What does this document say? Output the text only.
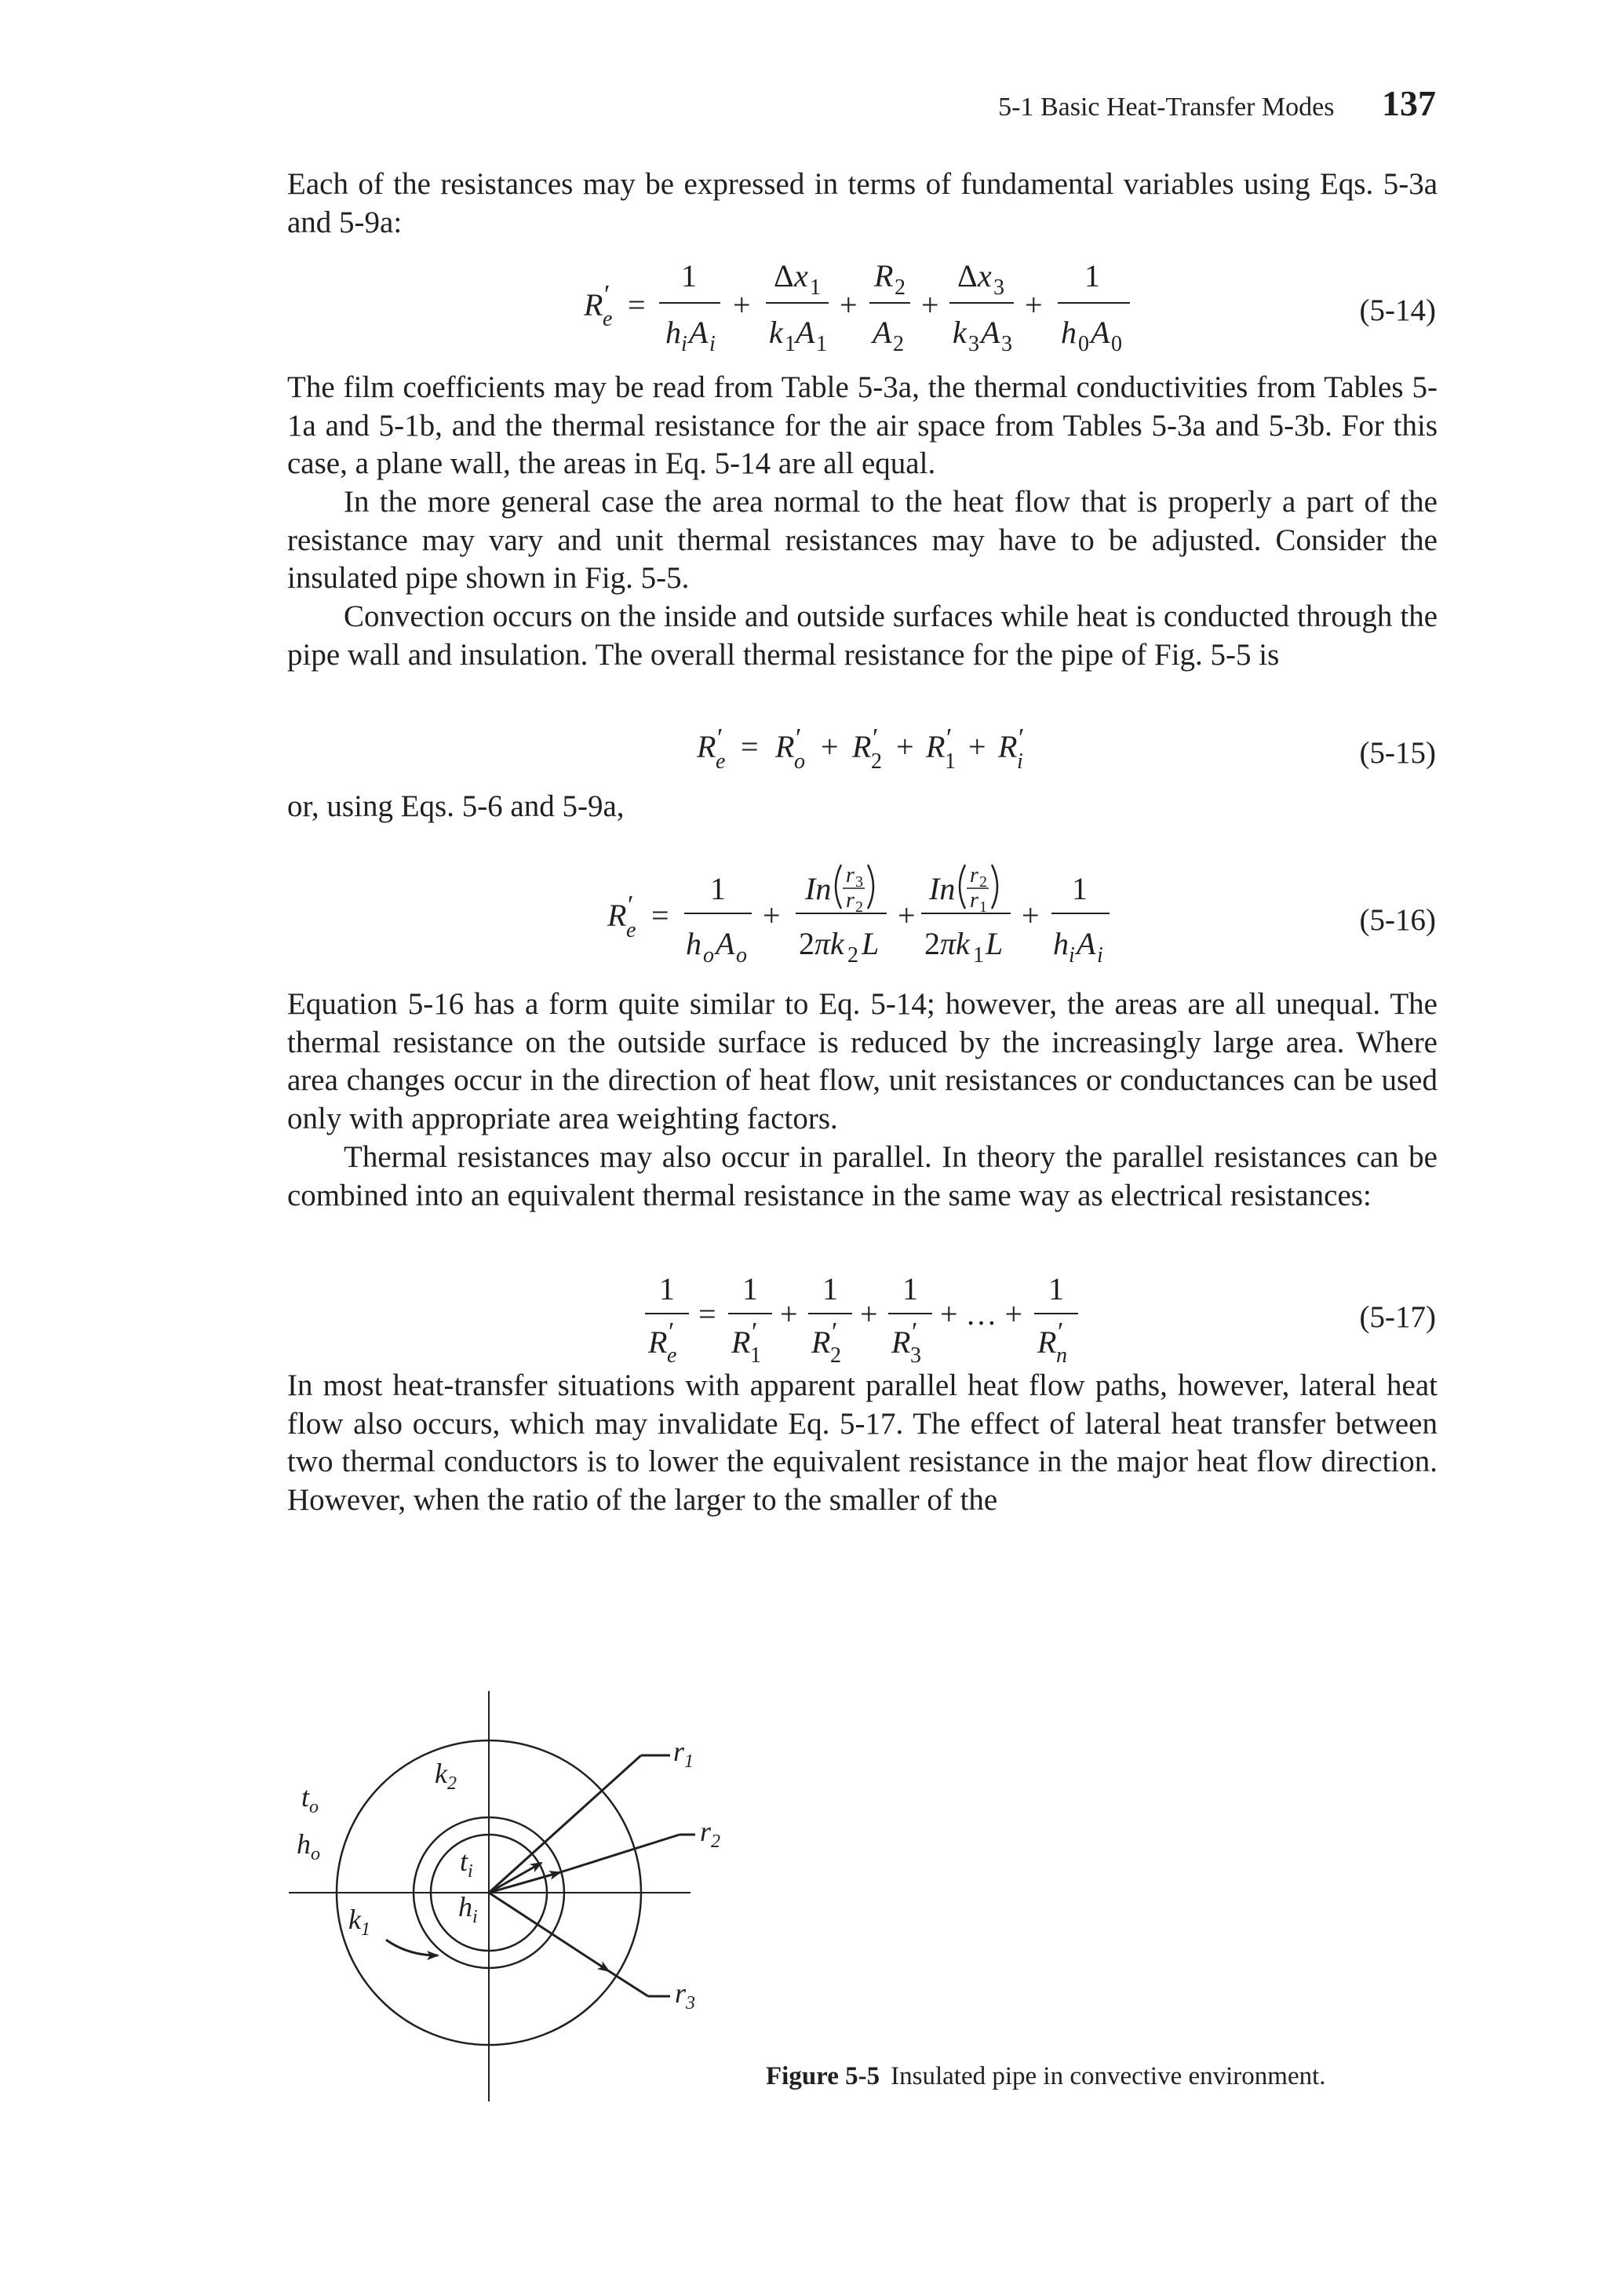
5-1 Basic Heat-Transfer Modes 137

Each of the resistances may be expressed in terms of fundamental variables using Eqs. 5-3a and 5-9a:

R ′
e =
1
h i A i
+
Δ x 1
k 1 A 1
+
R 2
A 2
+
Δ x 3
k 3 A 3
+
1
h 0 A 0
(5-14)

The film coefficients may be read from Table 5-3a, the thermal conductivities from Tables 5-1a and 5-1b, and the thermal resistance for the air space from Tables 5-3a and 5-3b. For this case, a plane wall, the areas in Eq. 5-14 are all equal.

In the more general case the area normal to the heat flow that is properly a part of the resistance may vary and unit thermal resistances may have to be adjusted. Consider the insulated pipe shown in Fig. 5-5.

Convection occurs on the inside and outside surfaces while heat is conducted through the pipe wall and insulation. The overall thermal resistance for the pipe of Fig. 5-5 is

R ′
e = R ′
o + R ′
2 + R ′
1 + R ′
i	(5-15)

or, using Eqs. 5-6 and 5-9a,

R ′
e =
1
h o A o
+
In r 3
r 2
2 πk 2 L
+
In r 2
r 1
2 πk 1 L
+
1
h i A i
(5-16)

Equation 5-16 has a form quite similar to Eq. 5-14; however, the areas are all unequal. The thermal resistance on the outside surface is reduced by the increasingly large area. Where area changes occur in the direction of heat flow, unit resistances or conductances can be used only with appropriate area weighting factors.

Thermal resistances may also occur in parallel. In theory the parallel resistances can be combined into an equivalent thermal resistance in the same way as electrical resistances:

1
R ′
e
=
1
R ′
1
+
1
R ′
2
+
1
R ′
3
+ … +
1
R ′
n
(5-17)

In most heat-transfer situations with apparent parallel heat flow paths, however, lateral heat flow also occurs, which may invalidate Eq. 5-17. The effect of lateral heat transfer between two thermal conductors is to lower the equivalent resistance in the major heat flow direction. However, when the ratio of the larger to the smaller of the

$t_o$
$h_o$
$k_2$
$k_1$
$t_i$
$h_i$
$r_1$
$r_2$
$r_3$
Figure 5-5 Insulated pipe in convective environment.
